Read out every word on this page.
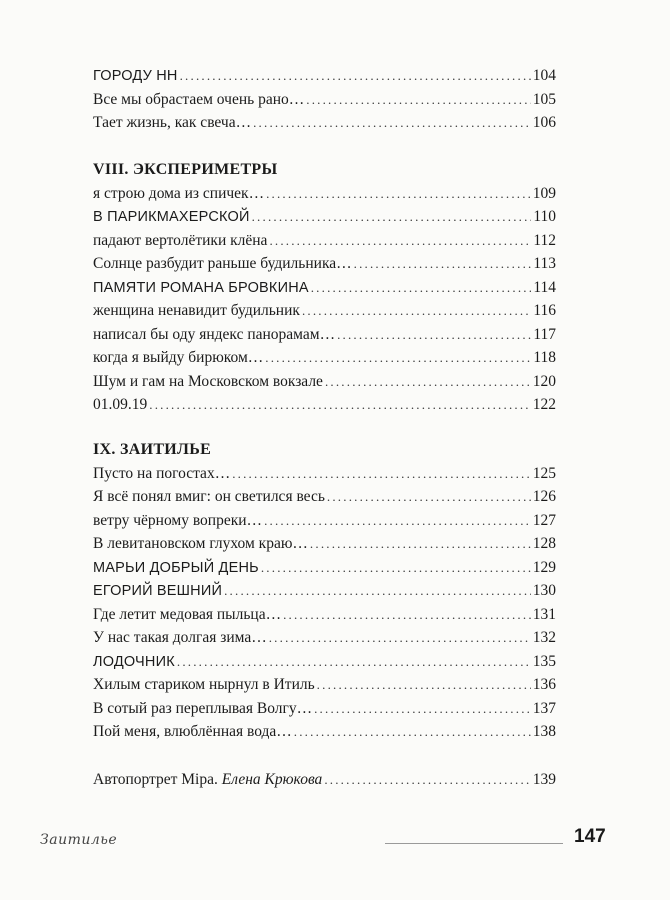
ГОРОДУ НН .....	104
Все мы обрастаем очень рано… .....	105
Тает жизнь, как свеча… .....	106
VIII. ЭКСПЕРИМЕТРЫ
я строю дома из спичек… .....	109
В ПАРИКМАХЕРСКОЙ .....	110
падают вертолётики клёна .....	112
Солнце разбудит раньше будильника… .....	113
ПАМЯТИ РОМАНА БРОВКИНА .....	114
женщина ненавидит будильник .....	116
написал бы оду яндекс панорамам… .....	117
когда я выйду бирюком… .....	118
Шум и гам на Московском вокзале .....	120
01.09.19 .....	122
IX. ЗАИТИЛЬЕ
Пусто на погостах… .....	125
Я всё понял вмиг: он светился весь .....	126
ветру чёрному вопреки… .....	127
В левитановском глухом краю… .....	128
МАРЬИ ДОБРЫЙ ДЕНЬ .....	129
ЕГОРИЙ ВЕШНИЙ .....	130
Где летит медовая пыльца… .....	131
У нас такая долгая зима… .....	132
ЛОДОЧНИК .....	135
Хилым стариком нырнул в Итиль .....	136
В сотый раз переплывая Волгу… .....	137
Пой меня, влюблённая вода… .....	138
Автопортрет Міра. Елена Крюкова .....	139
Заитилье	147
